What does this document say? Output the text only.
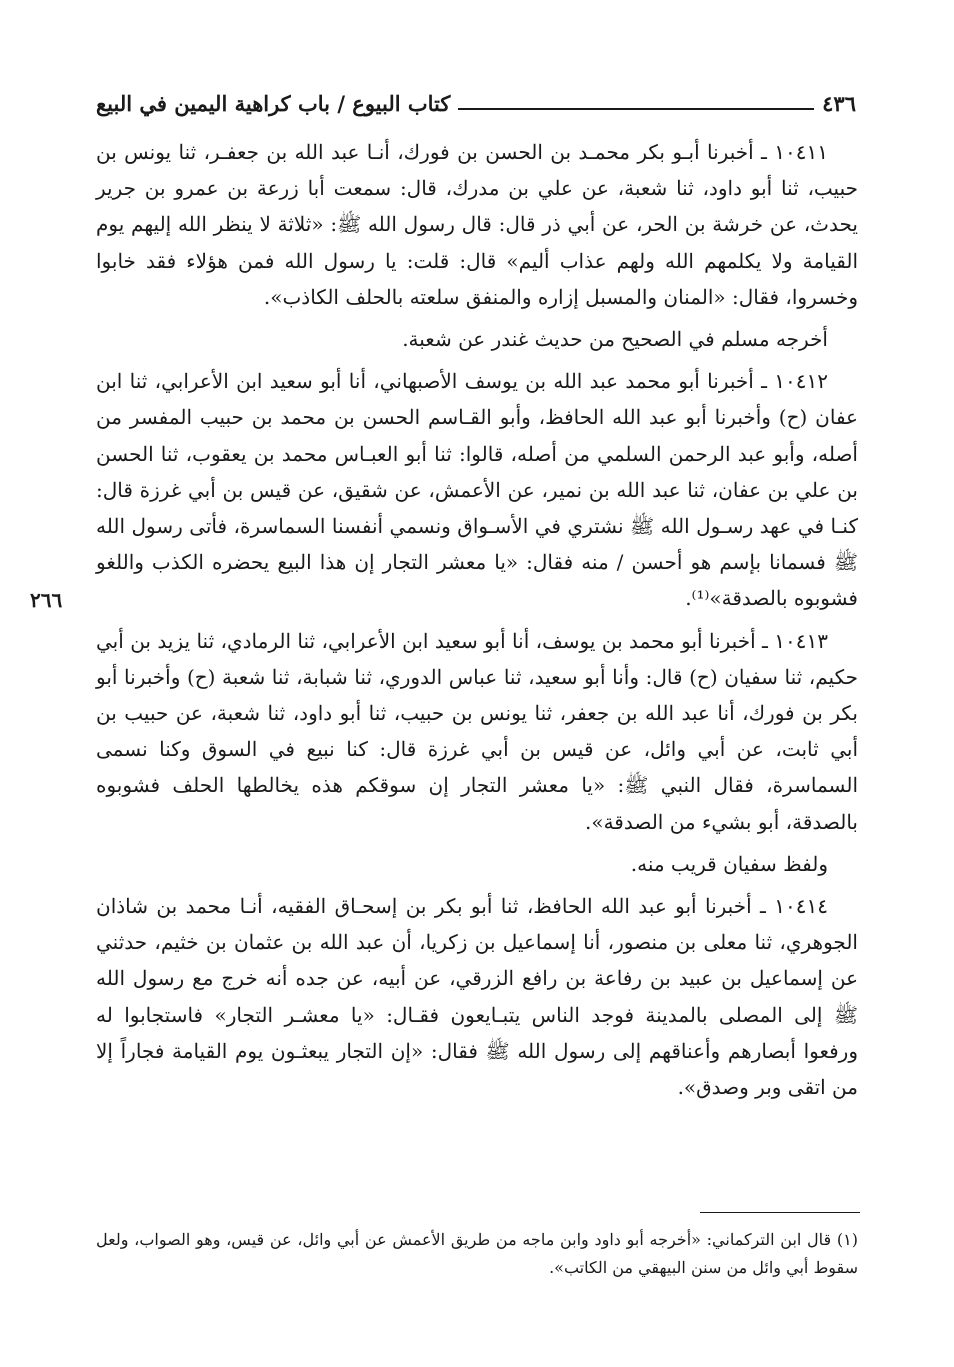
٤٣٦
كتاب البيوع / باب كراهية اليمين في البيع

١٠٤١١ ـ أخبرنا أبـو بكر محمـد بن الحسن بن فورك، أنـا عبد الله بن جعفـر، ثنا يونس بن حبيب، ثنا أبو داود، ثنا شعبة، عن علي بن مدرك، قال: سمعت أبا زرعة بن عمرو بن جرير يحدث، عن خرشة بن الحر، عن أبي ذر قال: قال رسول الله ﷺ: «ثلاثة لا ينظر الله إليهم يوم القيامة ولا يكلمهم الله ولهم عذاب أليم» قال: قلت: يا رسول الله فمن هؤلاء فقد خابوا وخسروا، فقال: «المنان والمسبل إزاره والمنفق سلعته بالحلف الكاذب».

أخرجه مسلم في الصحيح من حديث غندر عن شعبة.

١٠٤١٢ ـ أخبرنا أبو محمد عبد الله بن يوسف الأصبهاني، أنا أبو سعيد ابن الأعرابي، ثنا ابن عفان (ح) وأخبرنا أبو عبد الله الحافظ، وأبو القـاسم الحسن بن محمد بن حبيب المفسر من أصله، وأبو عبد الرحمن السلمي من أصله، قالوا: ثنا أبو العبـاس محمد بن يعقوب، ثنا الحسن بن علي بن عفان، ثنا عبد الله بن نمير، عن الأعمش، عن شقيق، عن قيس بن أبي غرزة قال: كنـا في عهد رسـول الله ﷺ نشتري في الأسـواق ونسمي أنفسنا السماسرة، فأتى رسول الله ﷺ فسمانا بإسم هو أحسن / منه فقال: «يا معشر التجار إن هذا البيع يحضره الكذب واللغو فشوبوه بالصدقة»⁽¹⁾.

١٠٤١٣ ـ أخبرنا أبو محمد بن يوسف، أنا أبو سعيد ابن الأعرابي، ثنا الرمادي، ثنا يزيد بن أبي حكيم، ثنا سفيان (ح) قال: وأنا أبو سعيد، ثنا عباس الدوري، ثنا شبابة، ثنا شعبة (ح) وأخبرنا أبو بكر بن فورك، أنا عبد الله بن جعفر، ثنا يونس بن حبيب، ثنا أبو داود، ثنا شعبة، عن حبيب بن أبي ثابت، عن أبي وائل، عن قيس بن أبي غرزة قال: كنا نبيع في السوق وكنا نسمى السماسرة، فقال النبي ﷺ: «يا معشر التجار إن سوقكم هذه يخالطها الحلف فشوبوه بالصدقة، أبو بشيء من الصدقة».

ولفظ سفيان قريب منه.

١٠٤١٤ ـ أخبرنا أبو عبد الله الحافظ، ثنا أبو بكر بن إسحـاق الفقيه، أنـا محمد بن شاذان الجوهري، ثنا معلى بن منصور، أنا إسماعيل بن زكريا، أن عبد الله بن عثمان بن خثيم، حدثني عن إسماعيل بن عبيد بن رفاعة بن رافع الزرقي، عن أبيه، عن جده أنه خرج مع رسول الله ﷺ إلى المصلى بالمدينة فوجد الناس يتبـايعون فقـال: «يا معشـر التجار» فاستجابوا له ورفعوا أبصارهم وأعناقهم إلى رسول الله ﷺ فقال: «إن التجار يبعثـون يوم القيامة فجاراً إلا من اتقى وبر وصدق».

٢٦٦

(١) قال ابن التركماني: «أخرجه أبو داود وابن ماجه من طريق الأعمش عن أبي وائل، عن قيس، وهو الصواب، ولعل سقوط أبي وائل من سنن البيهقي من الكاتب».
